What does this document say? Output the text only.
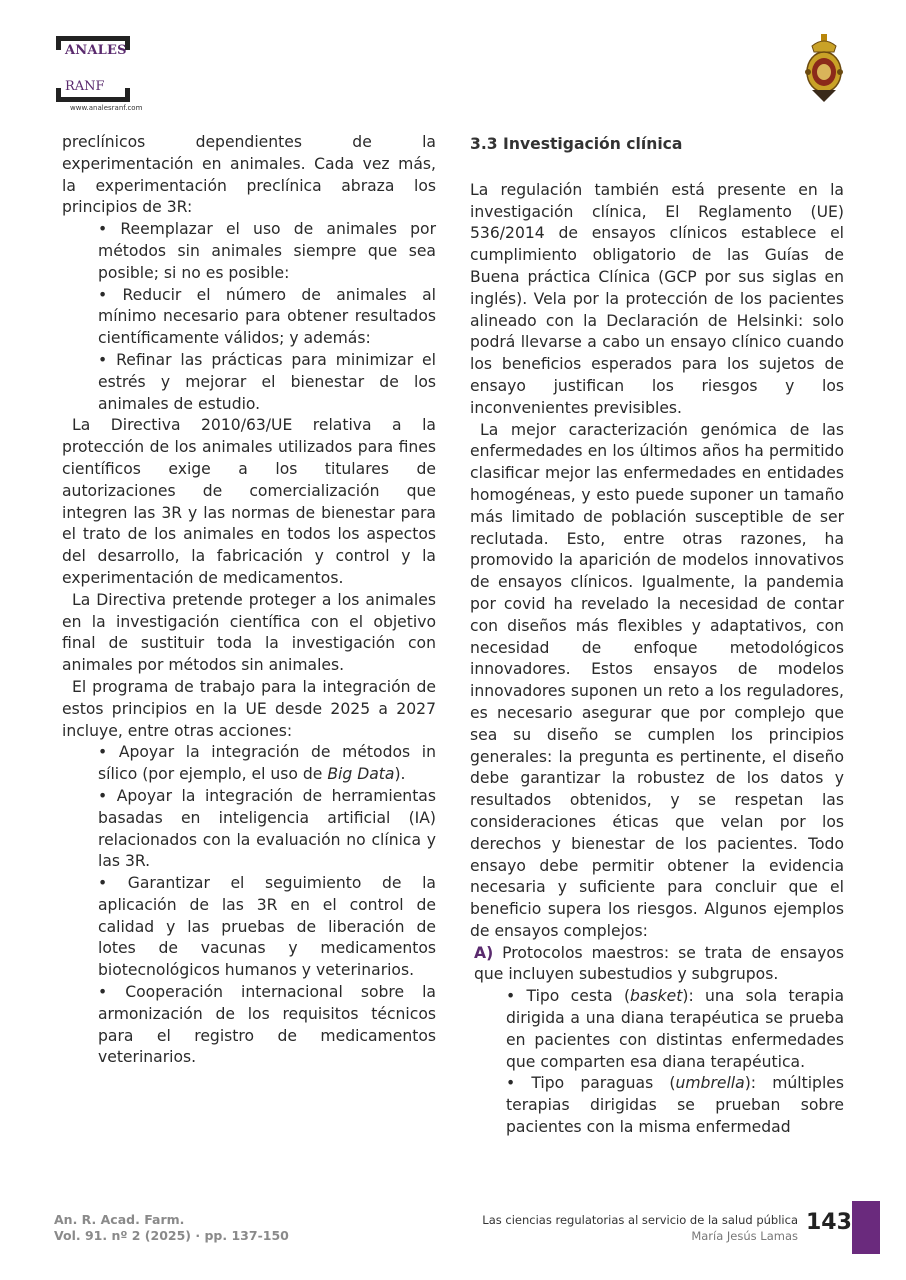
ANALES
RANF
www.analesranf.com

preclínicos dependientes de la experimentación en animales. Cada vez más, la experimentación preclínica abraza los principios de 3R:

• Reemplazar el uso de animales por métodos sin animales siempre que sea posible; si no es posible:

• Reducir el número de animales al mínimo necesario para obtener resultados científicamente válidos; y además:

• Refinar las prácticas para minimizar el estrés y mejorar el bienestar de los animales de estudio.

La Directiva 2010/63/UE relativa a la protección de los animales utilizados para fines científicos exige a los titulares de autorizaciones de comercialización que integren las 3R y las normas de bienestar para el trato de los animales en todos los aspectos del desarrollo, la fabricación y control y la experimentación de medicamentos.

La Directiva pretende proteger a los animales en la investigación científica con el objetivo final de sustituir toda la investigación con animales por métodos sin animales.

El programa de trabajo para la integración de estos principios en la UE desde 2025 a 2027 incluye, entre otras acciones:

• Apoyar la integración de métodos in sílico (por ejemplo, el uso de Big Data).

• Apoyar la integración de herramientas basadas en inteligencia artificial (IA) relacionados con la evaluación no clínica y las 3R.

• Garantizar el seguimiento de la aplicación de las 3R en el control de calidad y las pruebas de liberación de lotes de vacunas y medicamentos biotecnológicos humanos y veterinarios.

• Cooperación internacional sobre la armonización de los requisitos técnicos para el registro de medicamentos veterinarios.

3.3 Investigación clínica

La regulación también está presente en la investigación clínica, El Reglamento (UE) 536/2014 de ensayos clínicos establece el cumplimiento obligatorio de las Guías de Buena práctica Clínica (GCP por sus siglas en inglés). Vela por la protección de los pacientes alineado con la Declaración de Helsinki: solo podrá llevarse a cabo un ensayo clínico cuando los beneficios esperados para los sujetos de ensayo justifican los riesgos y los inconvenientes previsibles.

La mejor caracterización genómica de las enfermedades en los últimos años ha permitido clasificar mejor las enfermedades en entidades homogéneas, y esto puede suponer un tamaño más limitado de población susceptible de ser reclutada. Esto, entre otras razones, ha promovido la aparición de modelos innovativos de ensayos clínicos. Igualmente, la pandemia por covid ha revelado la necesidad de contar con diseños más flexibles y adaptativos, con necesidad de enfoque metodológicos innovadores. Estos ensayos de modelos innovadores suponen un reto a los reguladores, es necesario asegurar que por complejo que sea su diseño se cumplen los principios generales: la pregunta es pertinente, el diseño debe garantizar la robustez de los datos y resultados obtenidos, y se respetan las consideraciones éticas que velan por los derechos y bienestar de los pacientes. Todo ensayo debe permitir obtener la evidencia necesaria y suficiente para concluir que el beneficio supera los riesgos. Algunos ejemplos de ensayos complejos:

A) Protocolos maestros: se trata de ensayos que incluyen subestudios y subgrupos.

• Tipo cesta (basket): una sola terapia dirigida a una diana terapéutica se prueba en pacientes con distintas enfermedades que comparten esa diana terapéutica.

• Tipo paraguas (umbrella): múltiples terapias dirigidas se prueban sobre pacientes con la misma enfermedad

An. R. Acad. Farm.
Vol. 91. nº 2 (2025) · pp. 137-150
Las ciencias regulatorias al servicio de la salud pública
María Jesús Lamas
143
